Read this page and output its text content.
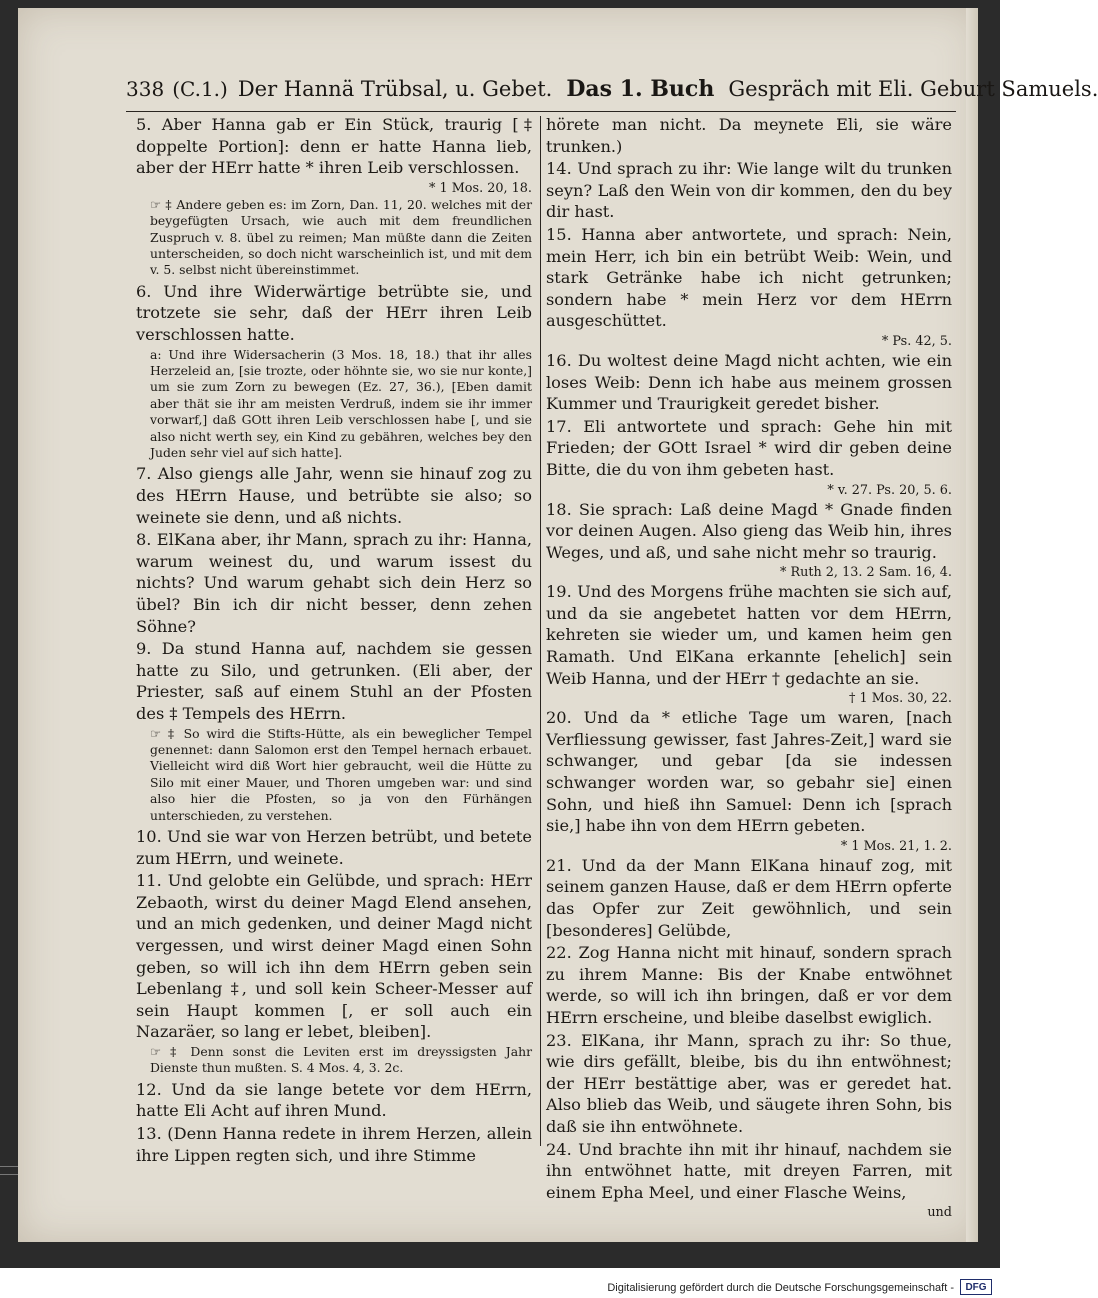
338 (C.1.) Der Hannä Trübsal, u. Gebet. Das 1. Buch Gespräch mit Eli. Geburt Samuels.

5. Aber Hanna gab er Ein Stück, traurig [‡ doppelte Portion]: denn er hatte Hanna lieb, aber der HErr hatte * ihren Leib verschlossen.

* 1 Mos. 20, 18.

☞ ‡ Andere geben es: im Zorn, Dan. 11, 20. welches mit der beygefügten Ursach, wie auch mit dem freundlichen Zuspruch v. 8. übel zu reimen; Man müßte dann die Zeiten unterscheiden, so doch nicht warscheinlich ist, und mit dem v. 5. selbst nicht übereinstimmet.

6. Und ihre Widerwärtige betrübte sie, und trotzete sie sehr, daß der HErr ihren Leib verschlossen hatte.

a: Und ihre Widersacherin (3 Mos. 18, 18.) that ihr alles Herzeleid an, [sie trozte, oder höhnte sie, wo sie nur konte,] um sie zum Zorn zu bewegen (Ez. 27, 36.), [Eben damit aber thät sie ihr am meisten Verdruß, indem sie ihr immer vorwarf,] daß GOtt ihren Leib verschlossen habe [, und sie also nicht werth sey, ein Kind zu gebähren, welches bey den Juden sehr viel auf sich hatte].

7. Also giengs alle Jahr, wenn sie hinauf zog zu des HErrn Hause, und betrübte sie also; so weinete sie denn, und aß nichts.

8. ElKana aber, ihr Mann, sprach zu ihr: Hanna, warum weinest du, und warum issest du nichts? Und warum gehabt sich dein Herz so übel? Bin ich dir nicht besser, denn zehen Söhne?

9. Da stund Hanna auf, nachdem sie gessen hatte zu Silo, und getrunken. (Eli aber, der Priester, saß auf einem Stuhl an der Pfosten des ‡ Tempels des HErrn.

☞ ‡ So wird die Stifts-Hütte, als ein beweglicher Tempel genennet: dann Salomon erst den Tempel hernach erbauet. Vielleicht wird diß Wort hier gebraucht, weil die Hütte zu Silo mit einer Mauer, und Thoren umgeben war: und sind also hier die Pfosten, so ja von den Fürhängen unterschieden, zu verstehen.

10. Und sie war von Herzen betrübt, und betete zum HErrn, und weinete.

11. Und gelobte ein Gelübde, und sprach: HErr Zebaoth, wirst du deiner Magd Elend ansehen, und an mich gedenken, und deiner Magd nicht vergessen, und wirst deiner Magd einen Sohn geben, so will ich ihn dem HErrn geben sein Lebenlang ‡, und soll kein Scheer-Messer auf sein Haupt kommen [, er soll auch ein Nazaräer, so lang er lebet, bleiben].

☞ ‡ Denn sonst die Leviten erst im dreyssigsten Jahr Dienste thun mußten. S. 4 Mos. 4, 3. 2c.

12. Und da sie lange betete vor dem HErrn, hatte Eli Acht auf ihren Mund.

13. (Denn Hanna redete in ihrem Herzen, allein ihre Lippen regten sich, und ihre Stimme

hörete man nicht. Da meynete Eli, sie wäre trunken.)

14. Und sprach zu ihr: Wie lange wilt du trunken seyn? Laß den Wein von dir kommen, den du bey dir hast.

15. Hanna aber antwortete, und sprach: Nein, mein Herr, ich bin ein betrübt Weib: Wein, und stark Getränke habe ich nicht getrunken; sondern habe * mein Herz vor dem HErrn ausgeschüttet.

* Ps. 42, 5.

16. Du woltest deine Magd nicht achten, wie ein loses Weib: Denn ich habe aus meinem grossen Kummer und Traurigkeit geredet bisher.

17. Eli antwortete und sprach: Gehe hin mit Frieden; der GOtt Israel * wird dir geben deine Bitte, die du von ihm gebeten hast.

* v. 27. Ps. 20, 5. 6.

18. Sie sprach: Laß deine Magd * Gnade finden vor deinen Augen. Also gieng das Weib hin, ihres Weges, und aß, und sahe nicht mehr so traurig.

* Ruth 2, 13. 2 Sam. 16, 4.

19. Und des Morgens frühe machten sie sich auf, und da sie angebetet hatten vor dem HErrn, kehreten sie wieder um, und kamen heim gen Ramath. Und ElKana erkannte [ehelich] sein Weib Hanna, und der HErr † gedachte an sie.

† 1 Mos. 30, 22.

20. Und da * etliche Tage um waren, [nach Verfliessung gewisser, fast Jahres-Zeit,] ward sie schwanger, und gebar [da sie indessen schwanger worden war, so gebahr sie] einen Sohn, und hieß ihn Samuel: Denn ich [sprach sie,] habe ihn von dem HErrn gebeten.

* 1 Mos. 21, 1. 2.

21. Und da der Mann ElKana hinauf zog, mit seinem ganzen Hause, daß er dem HErrn opferte das Opfer zur Zeit gewöhnlich, und sein [besonderes] Gelübde,

22. Zog Hanna nicht mit hinauf, sondern sprach zu ihrem Manne: Bis der Knabe entwöhnet werde, so will ich ihn bringen, daß er vor dem HErrn erscheine, und bleibe daselbst ewiglich.

23. ElKana, ihr Mann, sprach zu ihr: So thue, wie dirs gefällt, bleibe, bis du ihn entwöhnest; der HErr bestättige aber, was er geredet hat. Also blieb das Weib, und säugete ihren Sohn, bis daß sie ihn entwöhnete.

24. Und brachte ihn mit ihr hinauf, nachdem sie ihn entwöhnet hatte, mit dreyen Farren, mit einem Epha Meel, und einer Flasche Weins,

und

Digitalisierung gefördert durch die Deutsche Forschungsgemeinschaft -	DFG
